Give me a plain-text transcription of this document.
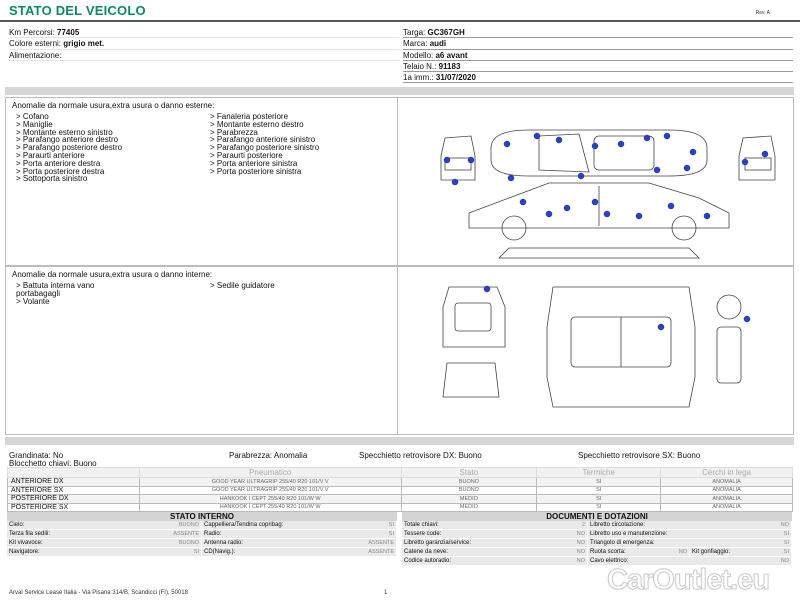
STATO DEL VEICOLO	Rev. A
Km Percorsi: 77405
Colore esterni: grigio met.
Alimentazione:
Targa: GC367GH
Marca: audi
Modello: a6 avant
Telaio N.: 91183
1a imm.: 31/07/2020
Anomalie da normale usura,extra usura o danno esterne:
> Cofano
> Maniglie
> Montante esterno sinistro
> Parafango anteriore destro
> Parafango posteriore destro
> Paraurti anteriore
> Porta anteriore destra
> Porta posteriore destra
> Sottoporta sinistro
> Fanaleria posteriore
> Montante esterno destro
> Parabrezza
> Parafango anteriore sinistro
> Parafango posteriore sinistro
> Paraurti posteriore
> Porta anteriore sinistra
> Porta posteriore sinistra
Anomalie da normale usura,extra usura o danno interne:
> Battuta interna vano
portabagagli
> Volante
> Sedile guidatore
Grandinata: No	Parabrezza: Anomalia	Specchietto retrovisore DX: Buono	Specchietto retrovisore SX: Buono
Blocchetto chiavi: Buono
	Pneumatico	Stato	Termiche	Cerchi in lega
ANTERIORE DX	GOOD YEAR ULTRAGRIP 255/40 R20 101/V V	BUONO	SI	ANOMALIA
ANTERIORE SX	GOOD YEAR ULTRAGRIP 255/40 R20 101/V V	BUONO	SI	ANOMALIA
POSTERIORE DX	HANKOOK I CEPT 255/40 R20 101/W W	MEDIO	SI	ANOMALIA
POSTERIORE SX	HANKOOK I CEPT 255/40 R20 101/W W	MEDIO	SI	ANOMALIA
STATO INTERNO
Cielo:	BUONO Cappelliera/Tendina copribag:	SI
Terza fila sedili:	ASSENTE Radio:	SI
Kit vivavoce:	BUONO Antenna radio:	ASSENTE
Navigatore:	SI CD(Navig.):	ASSENTE
DOCUMENTI E DOTAZIONI
Totale chiavi:	2 Libretto circolazione:	NO
Tessere code:	NO Libretto uso e manutenzione:	SI
Libretto garanzia/service:	NO Triangolo di emergenza:	SI
Catene da neve:	NO Ruota scorta:	NO Kit gonfiaggio:	SI
Codice autoradio:	NO Cavo elettrico:	NO
Arval Service Lease Italia - Via Pisana 314/B, Scandicci (FI), 50018	1	CarOutlet.eu
